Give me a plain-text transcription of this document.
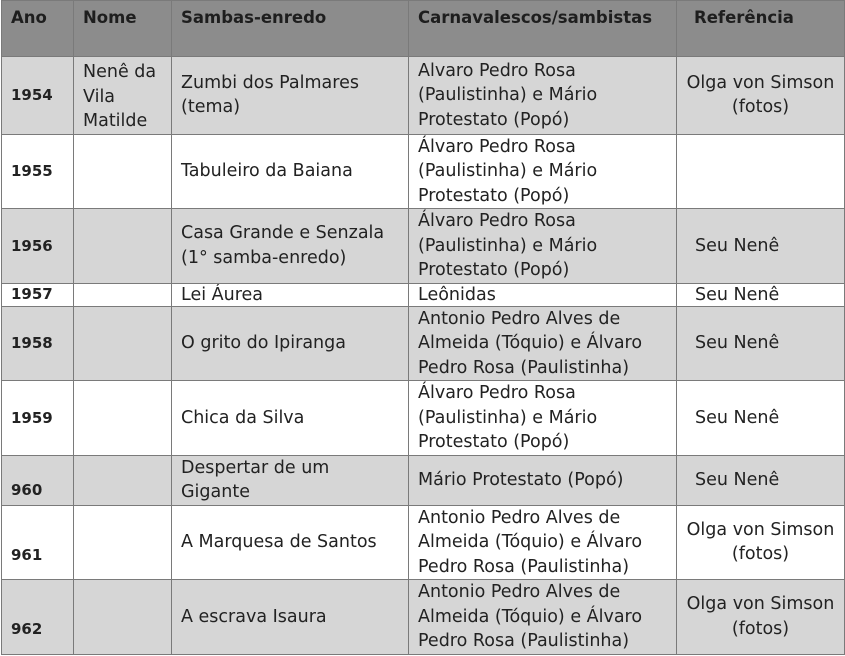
Ano	Nome	Sambas-enredo	Carnavalescos/sambistas	Referência
1954	Nenê da Vila Matilde	Zumbi dos Palmares (tema)	Alvaro Pedro Rosa (Paulistinha) e Mário Protestato (Popó)	Olga von Simson (fotos)
1955		Tabuleiro da Baiana	Álvaro Pedro Rosa (Paulistinha) e Mário Protestato (Popó)	
1956		Casa Grande e Senzala (1° samba-enredo)	Álvaro Pedro Rosa (Paulistinha) e Mário Protestato (Popó)	Seu Nenê
1957		Lei Áurea	Leônidas	Seu Nenê
1958		O grito do Ipiranga	Antonio Pedro Alves de Almeida (Tóquio) e Álvaro Pedro Rosa (Paulistinha)	Seu Nenê
1959		Chica da Silva	Álvaro Pedro Rosa (Paulistinha) e Mário Protestato (Popó)	Seu Nenê
960		Despertar de um Gigante	Mário Protestato (Popó)	Seu Nenê
961		A Marquesa de Santos	Antonio Pedro Alves de Almeida (Tóquio) e Álvaro Pedro Rosa (Paulistinha)	Olga von Simson (fotos)
962		A escrava Isaura	Antonio Pedro Alves de Almeida (Tóquio) e Álvaro Pedro Rosa (Paulistinha)	Olga von Simson (fotos)
